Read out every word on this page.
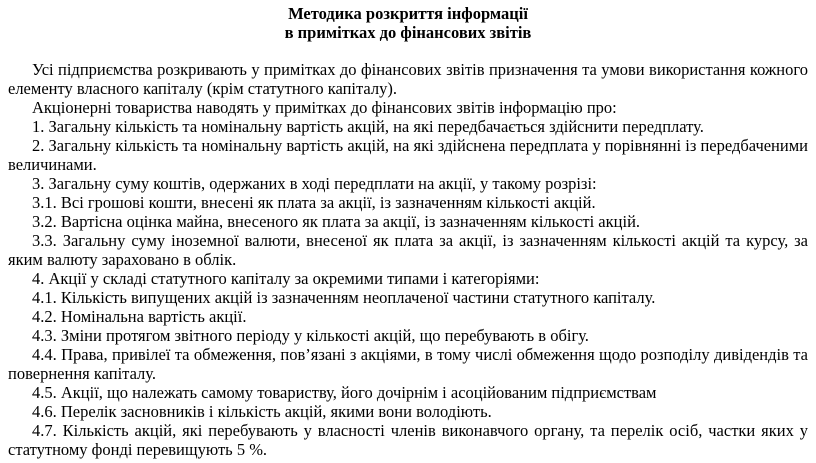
Методика розкриття інформації
в примітках до фінансових звітів

Усі підприємства розкривають у примітках до фінансових звітів призначення та умови використання кожного елементу власного капіталу (крім статутного капіталу).

Акціонерні товариства наводять у примітках до фінансових звітів інформацію про:

1. Загальну кількість та номінальну вартість акцій, на які передбачається здійснити передплату.

2. Загальну кількість та номінальну вартість акцій, на які здійснена передплата у порівнянні із передбаченими величинами.

3. Загальну суму коштів, одержаних в ході передплати на акції, у такому розрізі:

3.1. Всі грошові кошти, внесені як плата за акції, із зазначенням кількості акцій.

3.2. Вартісна оцінка майна, внесеного як плата за акції, із зазначенням кількості акцій.

3.3. Загальну суму іноземної валюти, внесеної як плата за акції, із зазначенням кількості акцій та курсу, за яким валюту зараховано в облік.

4. Акції у складі статутного капіталу за окремими типами і категоріями:

4.1. Кількість випущених акцій із зазначенням неоплаченої частини статутного капіталу.

4.2. Номінальна вартість акції.

4.3. Зміни протягом звітного періоду у кількості акцій, що перебувають в обігу.

4.4. Права, привілеї та обмеження, пов’язані з акціями, в тому числі обмеження щодо розподілу дивідендів та повернення капіталу.

4.5. Акції, що належать самому товариству, його дочірнім і асоційованим підприємствам

4.6. Перелік засновників і кількість акцій, якими вони володіють.

4.7. Кількість акцій, які перебувають у власності членів виконавчого органу, та перелік осіб, частки яких у статутному фонді перевищують 5 %.
